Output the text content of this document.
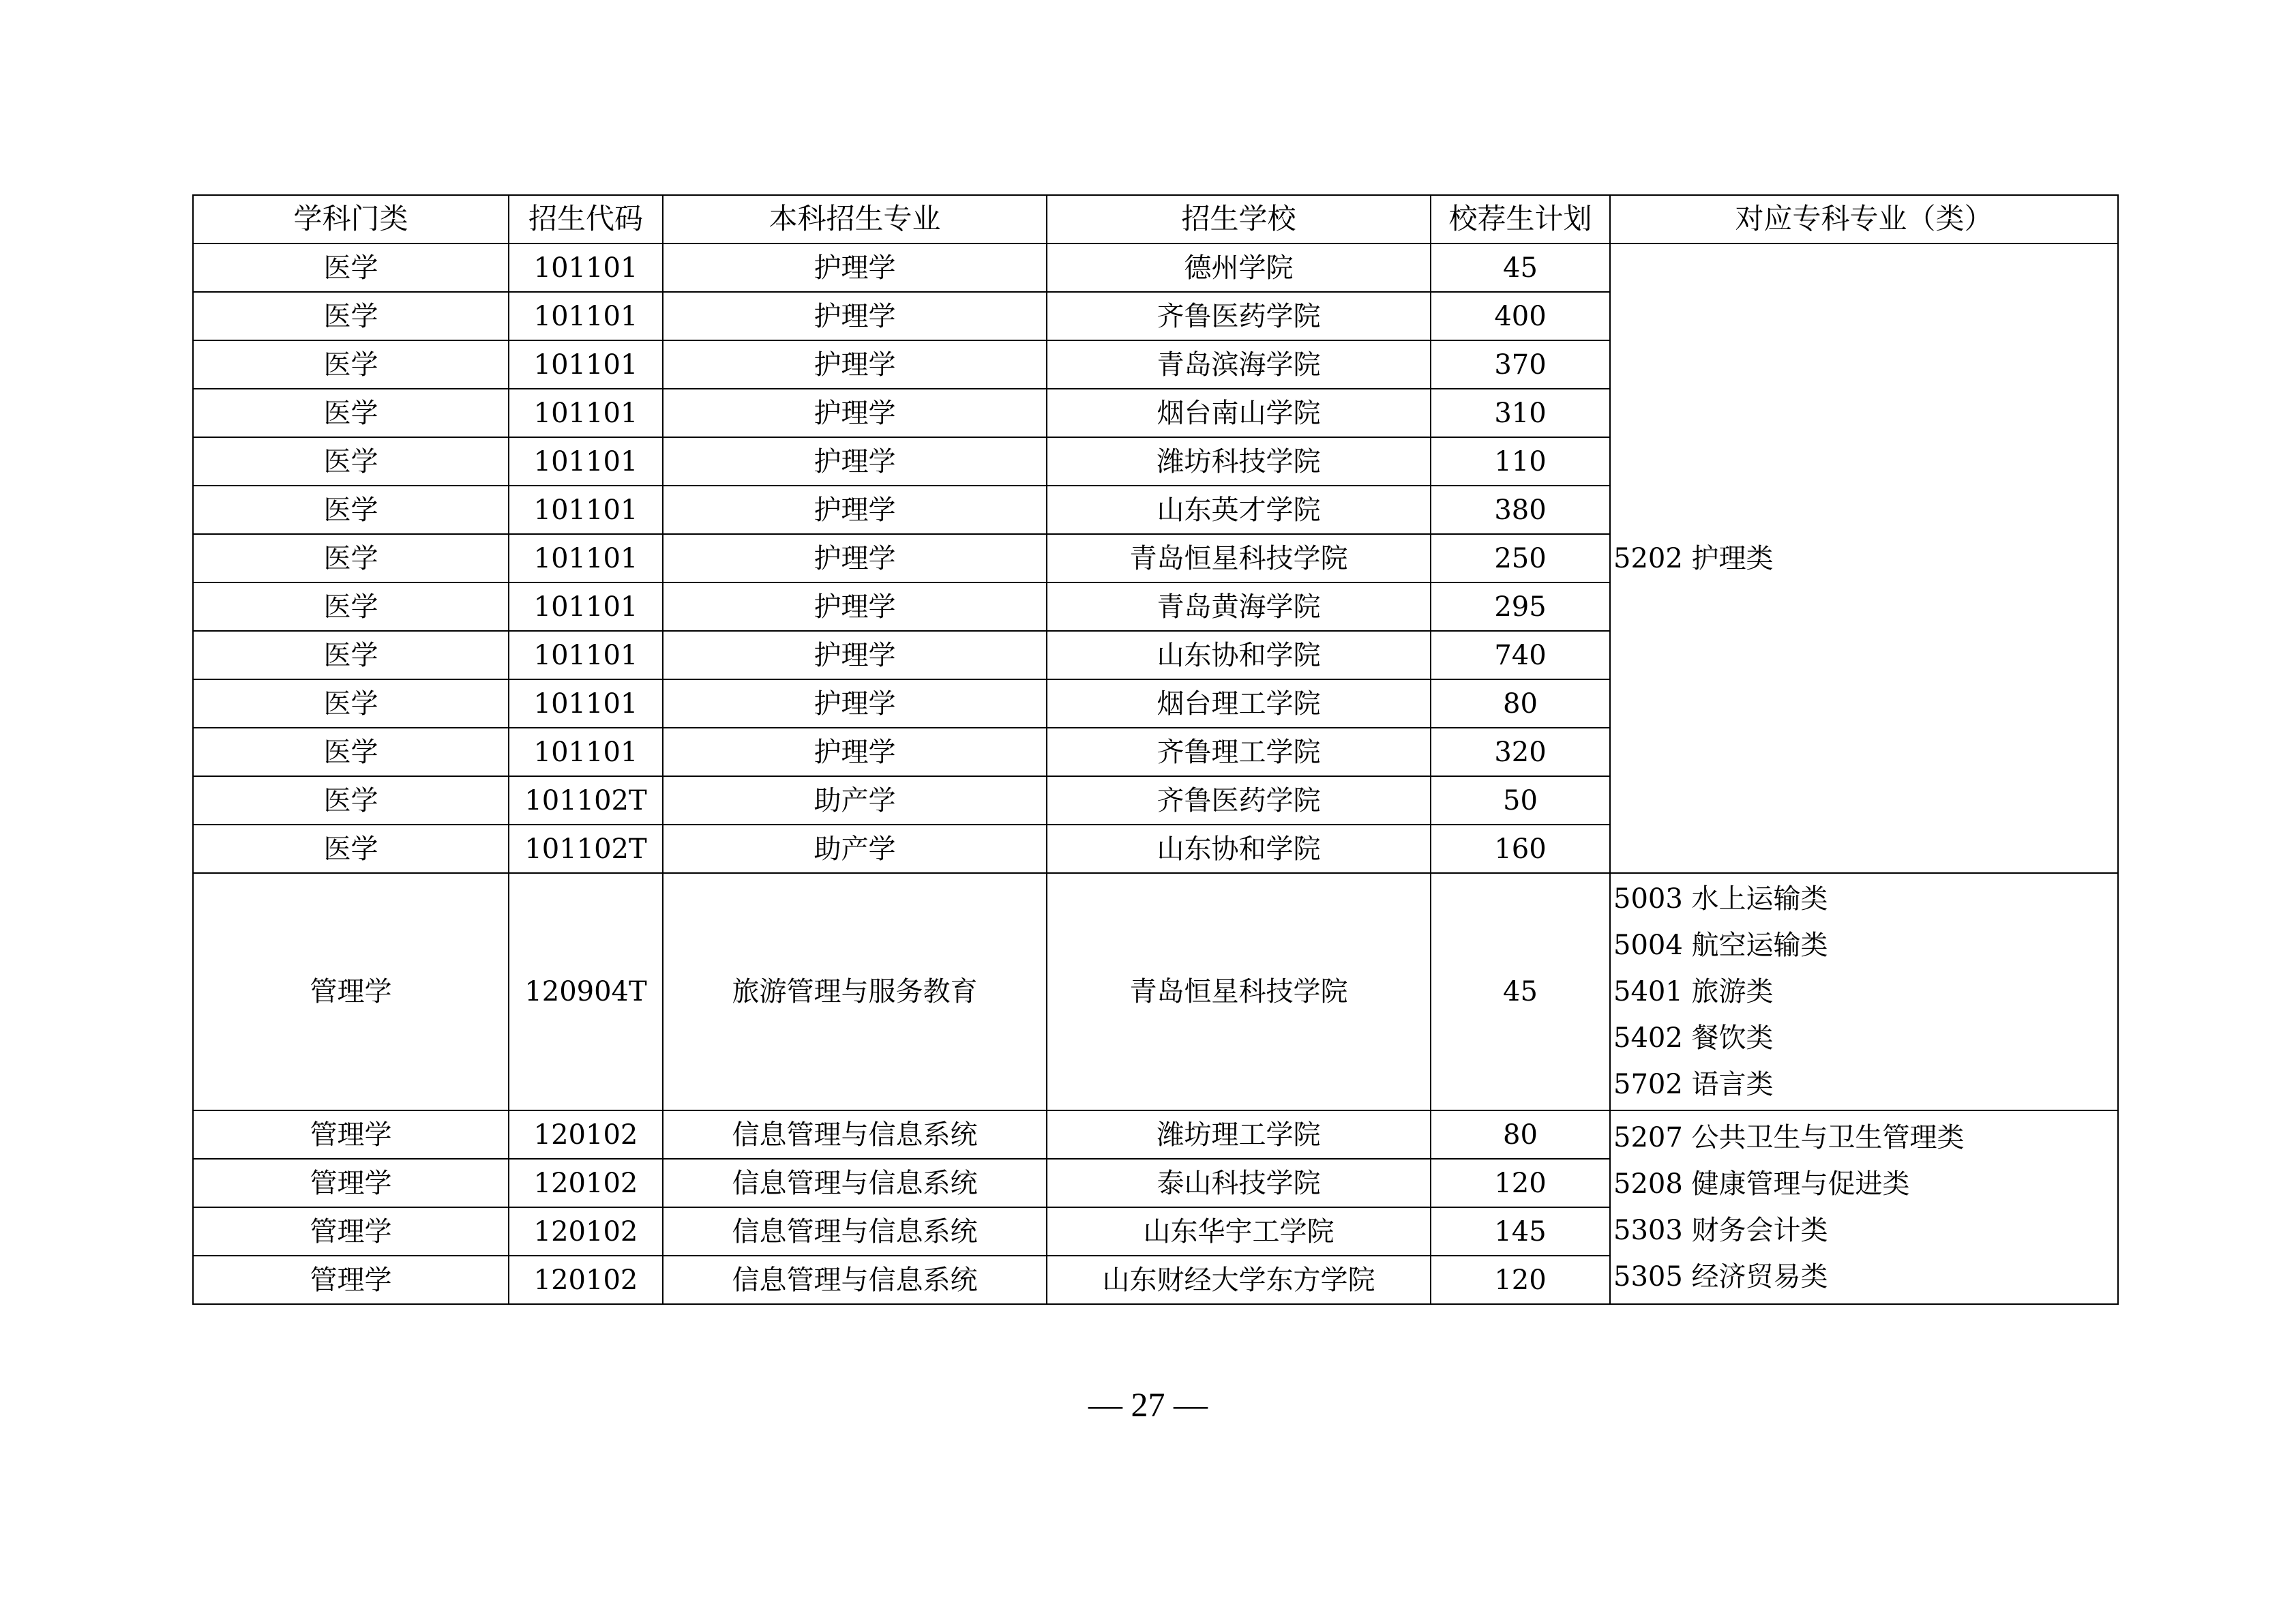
学科门类	招生代码	本科招生专业	招生学校	校荐生计划	对应专科专业（类）
医学	101101	护理学	德州学院	45	5202 护理类

医学	101101	护理学	齐鲁医药学院	400	
医学	101101	护理学	青岛滨海学院	370	
医学	101101	护理学	烟台南山学院	310	
医学	101101	护理学	潍坊科技学院	110	
医学	101101	护理学	山东英才学院	380	
医学	101101	护理学	青岛恒星科技学院	250	
医学	101101	护理学	青岛黄海学院	295	
医学	101101	护理学	山东协和学院	740	
医学	101101	护理学	烟台理工学院	80	
医学	101101	护理学	齐鲁理工学院	320	
医学	101102T	助产学	齐鲁医药学院	50	
医学	101102T	助产学	山东协和学院	160	
管理学	120904T	旅游管理与服务教育	青岛恒星科技学院	45	5003 水上运输类
5004 航空运输类
5401 旅游类
5402 餐饮类
5702 语言类

管理学	120102	信息管理与信息系统	潍坊理工学院	80	5207 公共卫生与卫生管理类
5208 健康管理与促进类
5303 财务会计类
5305 经济贸易类

管理学	120102	信息管理与信息系统	泰山科技学院	120	
管理学	120102	信息管理与信息系统	山东华宇工学院	145	
管理学	120102	信息管理与信息系统	山东财经大学东方学院	120	
— 27 —
